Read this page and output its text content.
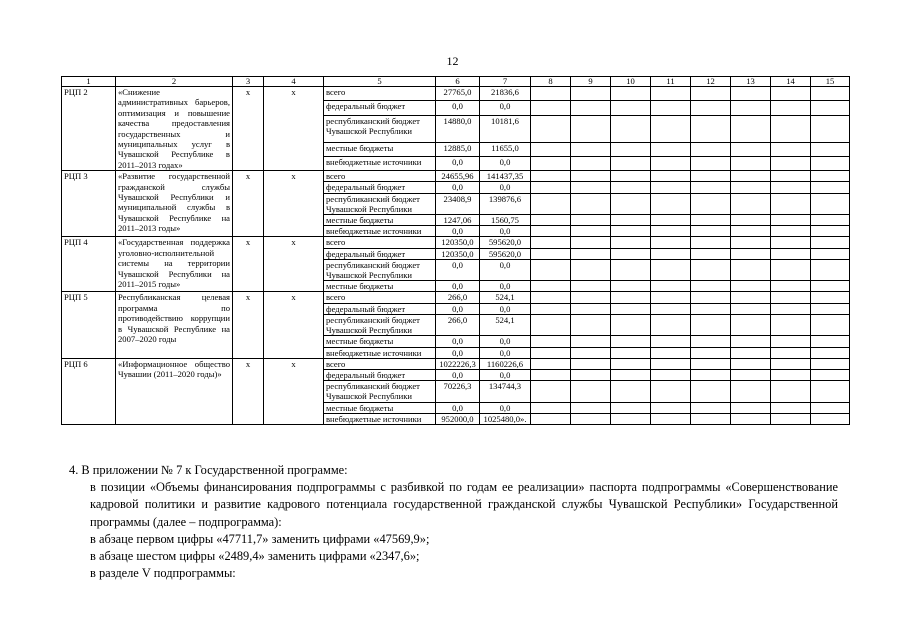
12
1	2	3	4	5	6	7	8	9	10	11	12	13	14	15
РЦП 2	«Снижение административных барьеров, оптимизация и повышение качества предоставления государственных и муниципальных услуг в Чувашской Республике в 2011–2013 годах»	х	х	всего	27765,0	21836,6								
				федеральный бюджет	0,0	0,0								
				республиканский бюджет Чувашской Республики	14880,0	10181,6								
				местные бюджеты	12885,0	11655,0								
				внебюджетные источники	0,0	0,0								
РЦП 3	«Развитие государственной гражданской службы Чувашской Республики и муниципальной службы в Чувашской Республике на 2011–2013 годы»	х	х	всего	24655,96	141437,35								
				федеральный бюджет	0,0	0,0								
				республиканский бюджет Чувашской Республики	23408,9	139876,6								
				местные бюджеты	1247,06	1560,75								
				внебюджетные источники	0,0	0,0								
РЦП 4	«Государственная поддержка уголовно-исполнительной системы на территории Чувашской Республики на 2011–2015 годы»	х	х	всего	120350,0	595620,0								
				федеральный бюджет	120350,0	595620,0								
				республиканский бюджет Чувашской Республики	0,0	0,0								
				местные бюджеты	0,0	0,0								
РЦП 5	Республиканская целевая программа по противодействию коррупции в Чувашской Республике на 2007–2020 годы	х	х	всего	266,0	524,1								
				федеральный бюджет	0,0	0,0								
				республиканский бюджет Чувашской Республики	266,0	524,1								
				местные бюджеты	0,0	0,0								
				внебюджетные источники	0,0	0,0								
РЦП 6	«Информационное общество Чувашии (2011–2020 годы)»	х	х	всего	1022226,3	1160226,6								
				федеральный бюджет	0,0	0,0								
				республиканский бюджет Чувашской Республики	70226,3	134744,3								
				местные бюджеты	0,0	0,0								
				внебюджетные источники	952000,0	1025480,0».								

4. В приложении № 7 к Государственной программе:

в позиции «Объемы финансирования подпрограммы с разбивкой по годам ее реализации» паспорта подпрограммы «Совершенствование кадровой политики и развитие кадрового потенциала государственной гражданской службы Чувашской Республики» Государственной программы (далее – подпрограмма):

в абзаце первом цифры «47711,7» заменить цифрами «47569,9»;

в абзаце шестом цифры «2489,4» заменить цифрами «2347,6»;

в разделе V подпрограммы:
